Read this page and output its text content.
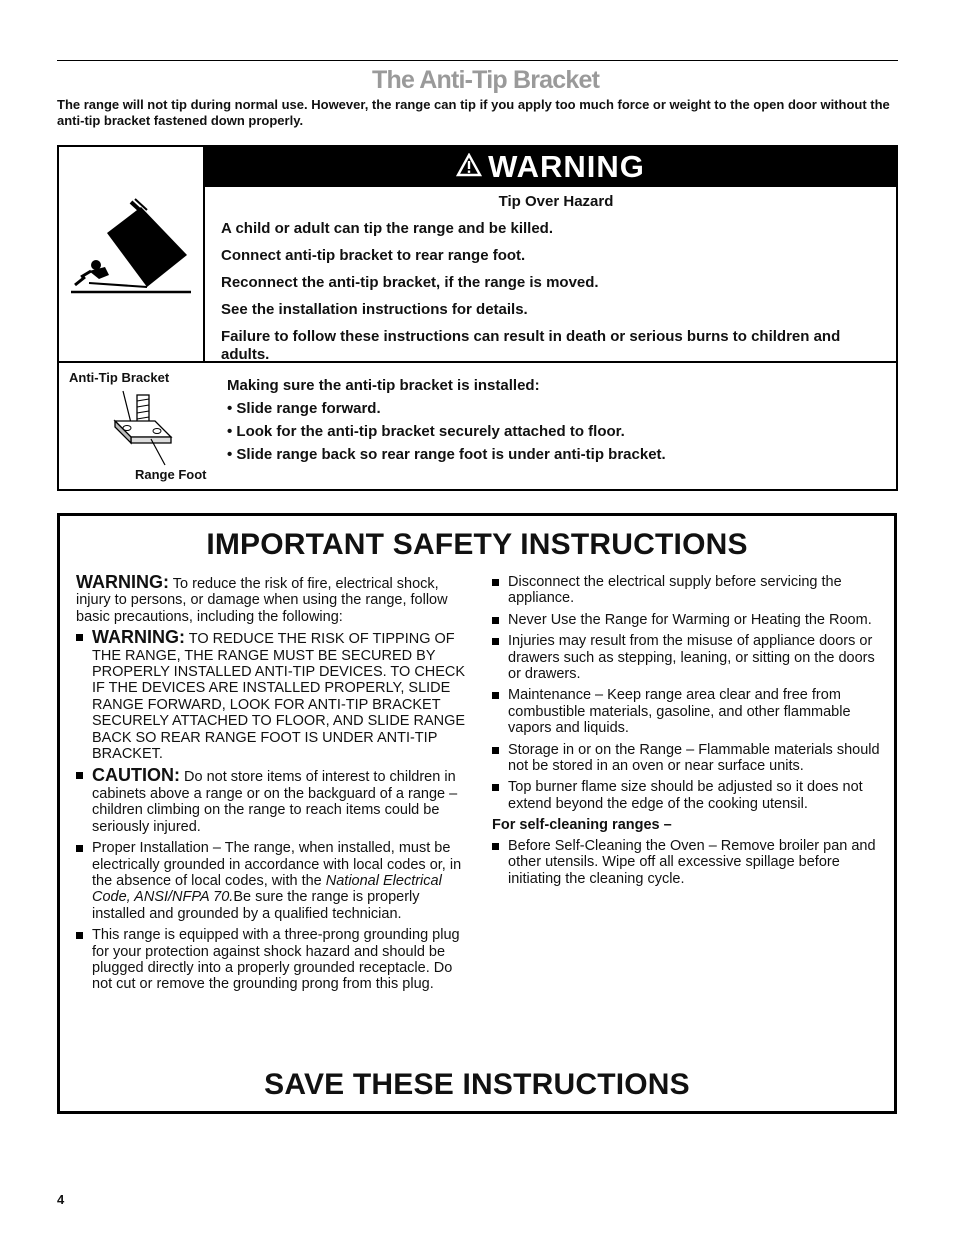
The Anti-Tip Bracket
The range will not tip during normal use. However, the range can tip if you apply too much force or weight to the open door without the anti-tip bracket fastened down properly.
WARNING

Tip Over Hazard

A child or adult can tip the range and be killed.

Connect anti-tip bracket to rear range foot.

Reconnect the anti-tip bracket, if the range is moved.

See the installation instructions for details.

Failure to follow these instructions can result in death or serious burns to children and adults.

Anti-Tip Bracket
Range Foot

Making sure the anti-tip bracket is installed:

• Slide range forward.
• Look for the anti-tip bracket securely attached to floor.
• Slide range back so rear range foot is under anti-tip bracket.
IMPORTANT SAFETY INSTRUCTIONS

WARNING: To reduce the risk of fire, electrical shock, injury to persons, or damage when using the range, follow basic precautions, including the following:

WARNING: TO REDUCE THE RISK OF TIPPING OF THE RANGE, THE RANGE MUST BE SECURED BY PROPERLY INSTALLED ANTI-TIP DEVICES. TO CHECK IF THE DEVICES ARE INSTALLED PROPERLY, SLIDE RANGE FORWARD, LOOK FOR ANTI-TIP BRACKET SECURELY ATTACHED TO FLOOR, AND SLIDE RANGE BACK SO REAR RANGE FOOT IS UNDER ANTI-TIP BRACKET.
CAUTION: Do not store items of interest to children in cabinets above a range or on the backguard of a range – children climbing on the range to reach items could be seriously injured.
Proper Installation – The range, when installed, must be electrically grounded in accordance with local codes or, in the absence of local codes, with the National Electrical Code, ANSI/NFPA 70.Be sure the range is properly installed and grounded by a qualified technician.
This range is equipped with a three-prong grounding plug for your protection against shock hazard and should be plugged directly into a properly grounded receptacle. Do not cut or remove the grounding prong from this plug.
Disconnect the electrical supply before servicing the appliance.
Never Use the Range for Warming or Heating the Room.
Injuries may result from the misuse of appliance doors or drawers such as stepping, leaning, or sitting on the doors or drawers.
Maintenance – Keep range area clear and free from combustible materials, gasoline, and other flammable vapors and liquids.
Storage in or on the Range – Flammable materials should not be stored in an oven or near surface units.
Top burner flame size should be adjusted so it does not extend beyond the edge of the cooking utensil.

For self-cleaning ranges –

Before Self-Cleaning the Oven – Remove broiler pan and other utensils. Wipe off all excessive spillage before initiating the cleaning cycle.
SAVE THESE INSTRUCTIONS
4
